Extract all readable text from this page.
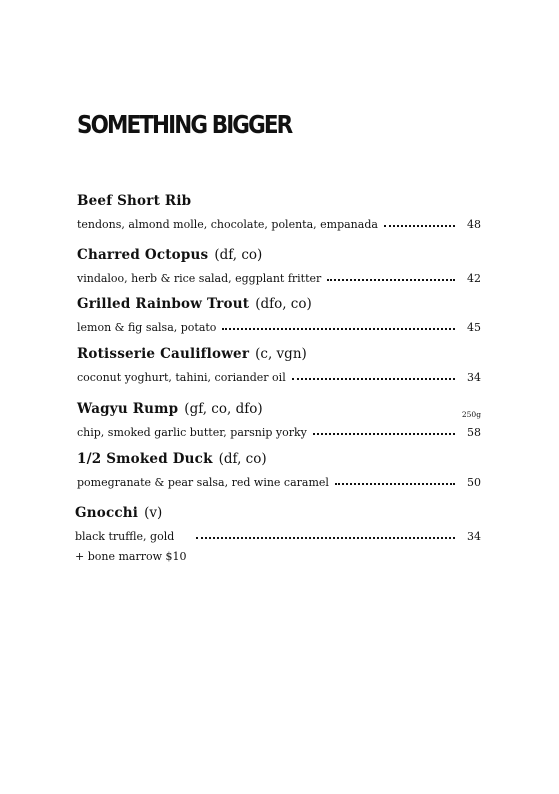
SOMETHING BIGGER
Beef Short Rib
tendons, almond molle, chocolate, polenta, empanada	48
Charred Octopus (df, co)
vindaloo, herb & rice salad, eggplant fritter	42
Grilled Rainbow Trout (dfo, co)
lemon & fig salsa, potato	45
Rotisserie Cauliflower (c, vgn)
coconut yoghurt, tahini, coriander oil	34
Wagyu Rump (gf, co, dfo)	250g
chip, smoked garlic butter, parsnip yorky	58
1/2 Smoked Duck (df, co)
pomegranate & pear salsa, red wine caramel	50
Gnocchi (v)
black truffle, gold	34
+ bone marrow $10
